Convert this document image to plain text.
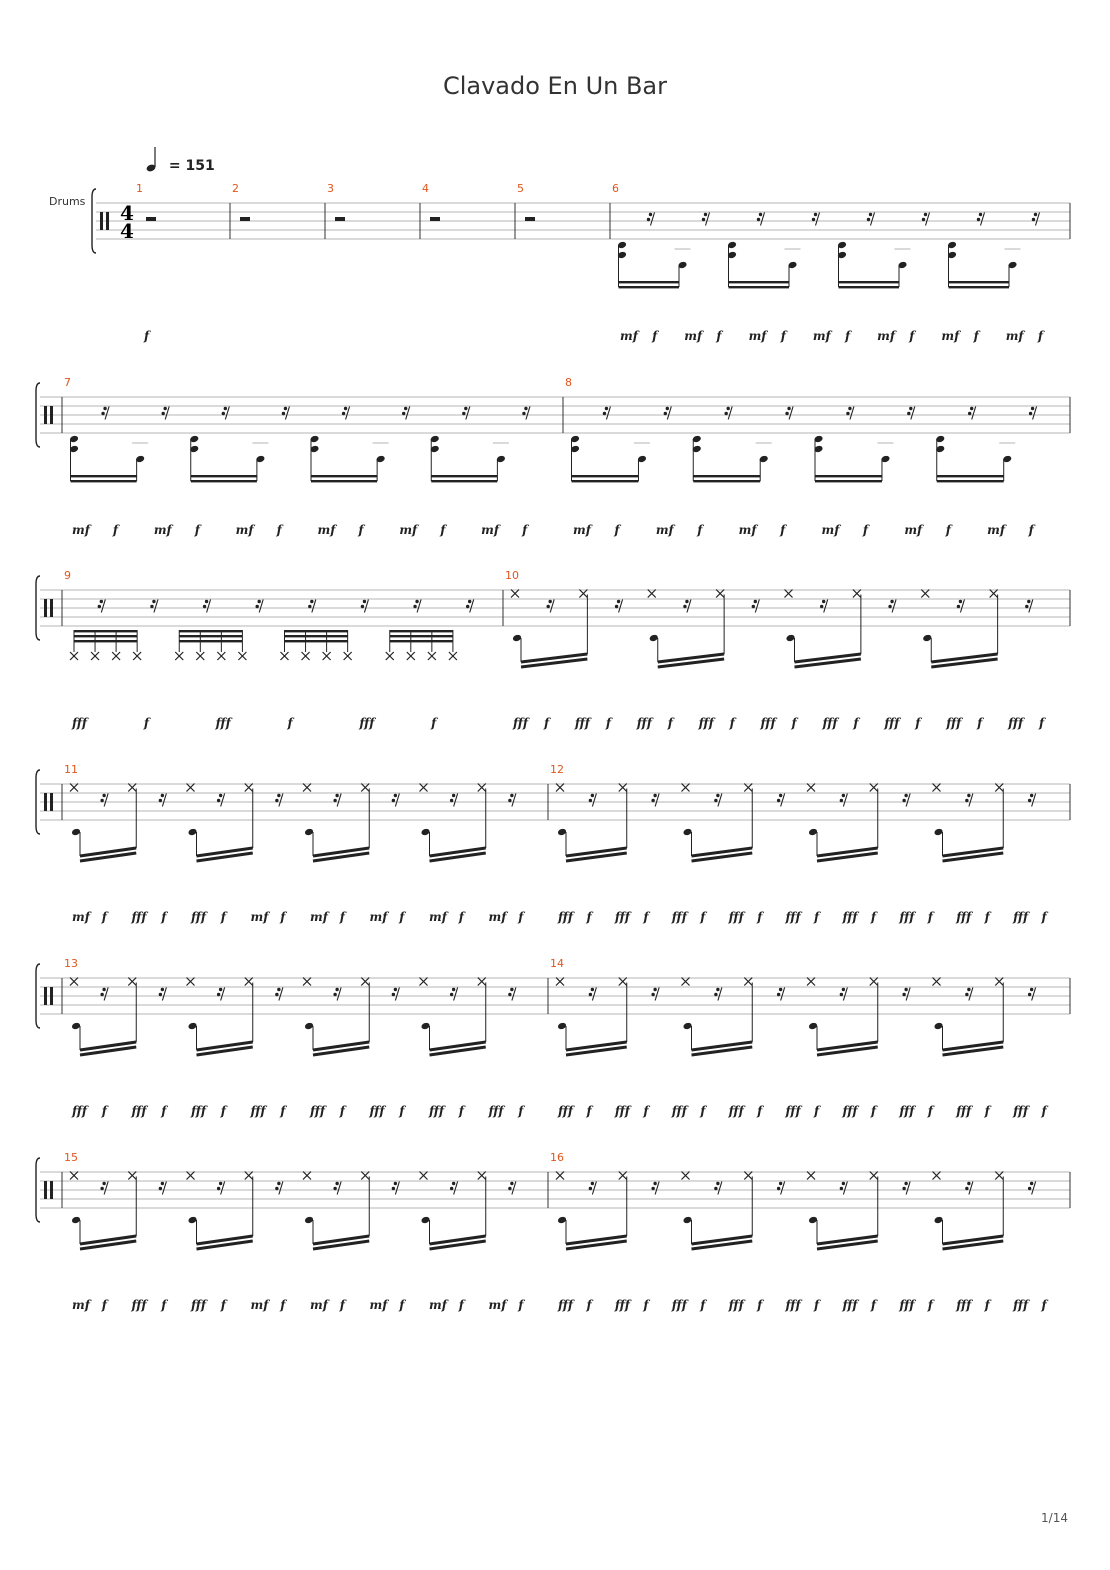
Clavado En Un Bar
= 151
Drums 4
4
1
f
2	3	4	5	6
mf f mf f mf f mf f mf f mf f mf f
7
mf f	mf f	mf f	mf f	mf f	mf f
8
mf f	mf f	mf f	mf f	mf f	mf f
9
fff	f	fff	f	fff	f
10
fff f fff f fff f fff f fff f fff f fff f fff f fff f
11
mf f fff f fff f mf f mf f mf f mf f mf f
12
fff f fff f fff f fff f fff f fff f fff f fff f fff f
13
fff f fff f fff f fff f fff f fff f fff f fff f
14
fff f fff f fff f fff f fff f fff f fff f fff f fff f
15
mf f fff f fff f mf f mf f mf f mf f mf f
16
fff f fff f fff f fff f fff f fff f fff f fff f fff f
1/14
